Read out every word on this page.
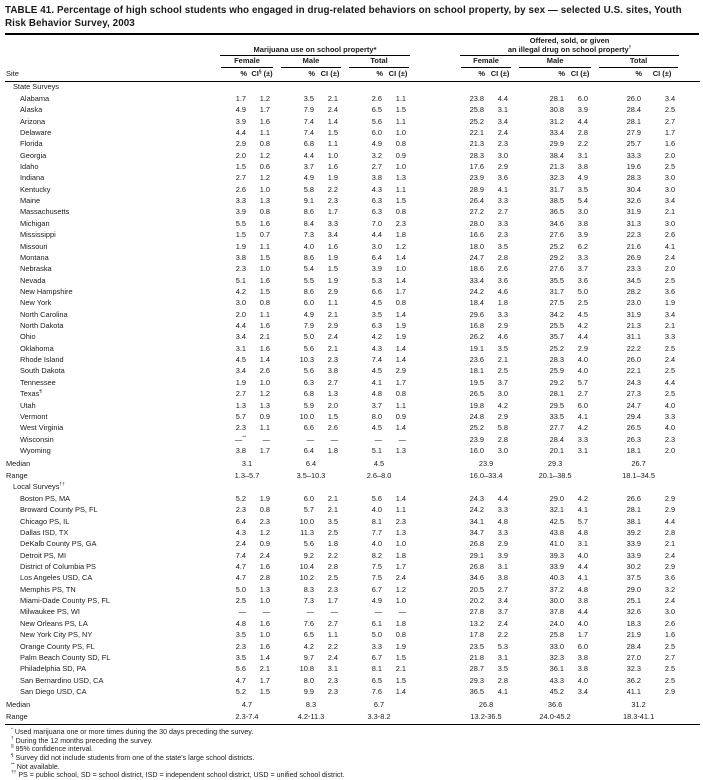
TABLE 41. Percentage of high school students who engaged in drug-related behaviors on school property, by sex — selected U.S. sites, Youth Risk Behavior Survey, 2003
Site	Marijuana use on school property*							Offered, sold, or given
an illegal drug on school property†

	Female		Male		Total			Female		Male		Total		

	%	CI§ (±)	%	CI (±)	%	CI (±)		%	CI (±)	%	CI (±)	%	CI (±)	
State Surveys														
Alabama	1.7	1.2	3.5	2.1	2.6	1.1		23.8	4.4	28.1	6.0	26.0	3.4	
Alaska	4.9	1.7	7.9	2.4	6.5	1.5		25.8	3.1	30.8	3.9	28.4	2.5	
Arizona	3.9	1.6	7.4	1.4	5.6	1.1		25.2	3.4	31.2	4.4	28.1	2.7	
Delaware	4.4	1.1	7.4	1.5	6.0	1.0		22.1	2.4	33.4	2.8	27.9	1.7	
Florida	2.9	0.8	6.8	1.1	4.9	0.8		21.3	2.3	29.9	2.2	25.7	1.6	
Georgia	2.0	1.2	4.4	1.0	3.2	0.9		28.3	3.0	38.4	3.1	33.3	2.0	
Idaho	1.5	0.6	3.7	1.6	2.7	1.0		17.6	2.9	21.3	3.8	19.6	2.5	
Indiana	2.7	1.2	4.9	1.9	3.8	1.3		23.9	3.6	32.3	4.9	28.3	3.0	
Kentucky	2.6	1.0	5.8	2.2	4.3	1.1		28.9	4.1	31.7	3.5	30.4	3.0	
Maine	3.3	1.3	9.1	2.3	6.3	1.5		26.4	3.3	38.5	5.4	32.6	3.4	
Massachusetts	3.9	0.8	8.6	1.7	6.3	0.8		27.2	2.7	36.5	3.0	31.9	2.1	
Michigan	5.5	1.6	8.4	3.3	7.0	2.3		28.0	3.3	34.6	3.8	31.3	3.0	
Mississippi	1.5	0.7	7.3	3.4	4.4	1.8		16.6	2.3	27.6	3.9	22.3	2.6	
Missouri	1.9	1.1	4.0	1.6	3.0	1.2		18.0	3.5	25.2	6.2	21.6	4.1	
Montana	3.8	1.5	8.6	1.9	6.4	1.4		24.7	2.8	29.2	3.3	26.9	2.4	
Nebraska	2.3	1.0	5.4	1.5	3.9	1.0		18.6	2.6	27.6	3.7	23.3	2.0	
Nevada	5.1	1.6	5.5	1.9	5.3	1.4		33.4	3.6	35.5	3.6	34.5	2.5	
New Hampshire	4.2	1.5	8.6	2.9	6.6	1.7		24.2	4.6	31.7	5.0	28.2	3.6	
New York	3.0	0.8	6.0	1.1	4.5	0.8		18.4	1.8	27.5	2.5	23.0	1.9	
North Carolina	2.0	1.1	4.9	2.1	3.5	1.4		29.6	3.3	34.2	4.5	31.9	3.4	
North Dakota	4.4	1.6	7.9	2.9	6.3	1.9		16.8	2.9	25.5	4.2	21.3	2.1	
Ohio	3.4	2.1	5.0	2.4	4.2	1.9		26.2	4.6	35.7	4.4	31.1	3.3	
Oklahoma	3.1	1.6	5.6	2.1	4.3	1.4		19.1	3.5	25.2	2.9	22.2	2.5	
Rhode Island	4.5	1.4	10.3	2.3	7.4	1.4		23.6	2.1	28.3	4.0	26.0	2.4	
South Dakota	3.4	2.6	5.6	3.8	4.5	2.9		18.1	2.5	25.9	4.0	22.1	2.5	
Tennessee	1.9	1.0	6.3	2.7	4.1	1.7		19.5	3.7	29.2	5.7	24.3	4.4	
Texas¶	2.7	1.2	6.8	1.3	4.8	0.8		26.5	3.0	28.1	2.7	27.3	2.5	
Utah	1.3	1.3	5.9	2.0	3.7	1.1		19.8	4.2	29.5	6.0	24.7	4.0	
Vermont	5.7	0.9	10.0	1.5	8.0	0.9		24.8	2.9	33.5	4.1	29.4	3.3	
West Virginia	2.3	1.1	6.6	2.6	4.5	1.4		25.2	5.8	27.7	4.2	26.5	4.0	
Wisconsin	—**	—	—	—	—	—		23.9	2.8	28.4	3.3	26.3	2.3	
Wyoming	3.8	1.7	6.4	1.8	5.1	1.3		16.0	3.0	20.1	3.1	18.1	2.0	
Median	3.1		6.4		4.5			23.9		29.3		26.7		
Range	1.3–5.7		3.5–10.3		2.6–8.0			16.0–33.4		20.1–38.5		18.1–34.5		
Local Surveys††
Boston PS, MA	5.2	1.9	6.0	2.1	5.6	1.4		24.3	4.4	29.0	4.2	26.6	2.9	
Broward County PS, FL	2.3	0.8	5.7	2.1	4.0	1.1		24.2	3.3	32.1	4.1	28.1	2.9	
Chicago PS, IL	6.4	2.3	10.0	3.5	8.1	2.3		34.1	4.8	42.5	5.7	38.1	4.4	
Dallas ISD, TX	4.3	1.2	11.3	2.5	7.7	1.3		34.7	3.3	43.8	4.8	39.2	2.8	
DeKalb County PS, GA	2.4	0.9	5.6	1.8	4.0	1.0		26.8	2.9	41.0	3.1	33.9	2.1	
Detroit PS, MI	7.4	2.4	9.2	2.2	8.2	1.8		29.1	3.9	39.3	4.0	33.9	2.4	
District of Columbia PS	4.7	1.6	10.4	2.8	7.5	1.7		26.8	3.1	33.9	4.4	30.2	2.9	
Los Angeles USD, CA	4.7	2.8	10.2	2.5	7.5	2.4		34.6	3.8	40.3	4.1	37.5	3.6	
Memphis PS, TN	5.0	1.3	8.3	2.3	6.7	1.2		20.5	2.7	37.2	4.8	29.0	3.2	
Miami-Dade County PS, FL	2.5	1.0	7.3	1.7	4.9	1.0		20.2	3.4	30.0	3.8	25.1	2.4	
Milwaukee PS, WI	—	—	—	—	—	—		27.8	3.7	37.8	4.4	32.6	3.0	
New Orleans PS, LA	4.8	1.6	7.6	2.7	6.1	1.8		13.2	2.4	24.0	4.0	18.3	2.6	
New York City PS, NY	3.5	1.0	6.5	1.1	5.0	0.8		17.8	2.2	25.8	1.7	21.9	1.6	
Orange County PS, FL	2.3	1.6	4.2	2.2	3.3	1.9		23.5	5.3	33.0	6.0	28.4	2.5	
Palm Beach County SD, FL	3.5	1.4	9.7	2.4	6.7	1.5		21.8	3.1	32.3	3.8	27.0	2.7	
Philadelphia SD, PA	5.6	2.1	10.8	3.1	8.1	2.1		28.7	3.5	36.1	3.8	32.3	2.5	
San Bernardino USD, CA	4.7	1.7	8.0	2.3	6.5	1.5		29.3	2.8	43.3	4.0	36.2	2.5	
San Diego USD, CA	5.2	1.5	9.9	2.3	7.6	1.4		36.5	4.1	45.2	3.4	41.1	2.9	
Median	4.7		8.3		6.7			26.8		36.6		31.2		
Range	2.3-7.4		4.2-11.3		3.3-8.2			13.2-36.5		24.0-45.2		18.3-41.1		
* Used marijuana one or more times during the 30 days preceding the survey.
† During the 12 months preceding the survey.
§ 95% confidence interval.
¶ Survey did not include students from one of the state’s large school districts.
** Not available.
†† PS = public school, SD = school district, ISD = independent school district, USD = unified school district.
